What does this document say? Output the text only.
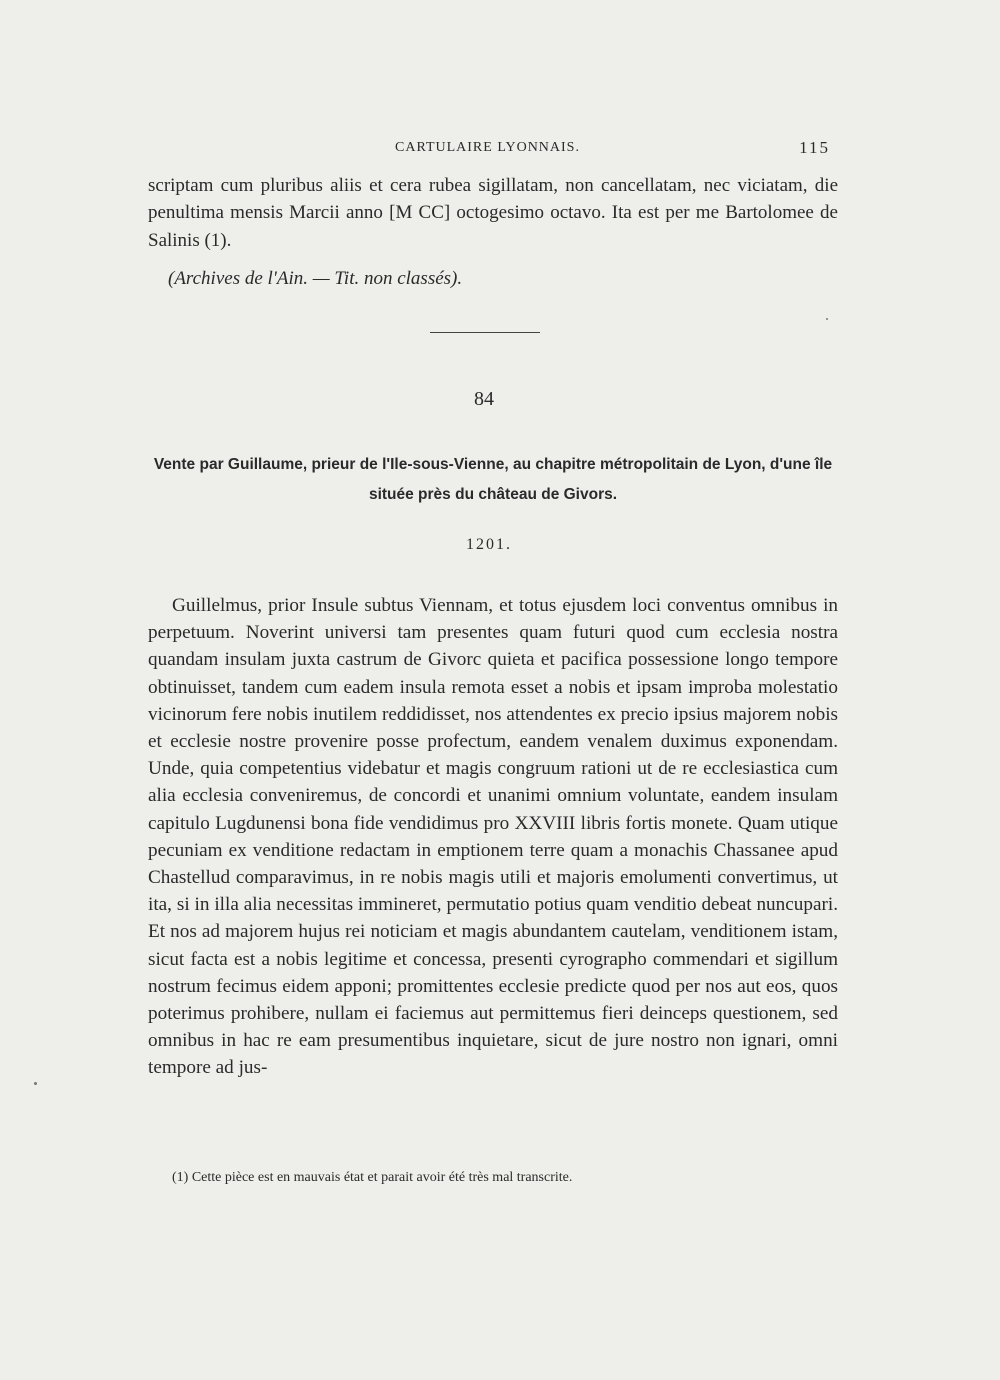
CARTULAIRE LYONNAIS.	115

scriptam cum pluribus aliis et cera rubea sigillatam, non cancellatam, nec viciatam, die penultima mensis Marcii anno [M CC] octogesimo octavo. Ita est per me Bartolomee de Salinis (1).

(Archives de l'Ain. — Tit. non classés).
84
Vente par Guillaume, prieur de l'Ile-sous-Vienne, au chapitre métropolitain de Lyon, d'une île située près du château de Givors.
1201.

Guillelmus, prior Insule subtus Viennam, et totus ejusdem loci conventus omnibus in perpetuum. Noverint universi tam presentes quam futuri quod cum ecclesia nostra quandam insulam juxta castrum de Givorc quieta et pacifica possessione longo tempore obtinuisset, tandem cum eadem insula remota esset a nobis et ipsam improba molestatio vicinorum fere nobis inutilem reddidisset, nos attendentes ex precio ipsius majorem nobis et ecclesie nostre provenire posse profectum, eandem venalem duximus exponendam. Unde, quia competentius videbatur et magis congruum rationi ut de re ecclesiastica cum alia ecclesia conveniremus, de concordi et unanimi omnium voluntate, eandem insulam capitulo Lugdunensi bona fide vendidimus pro XXVIII libris fortis monete. Quam utique pecuniam ex venditione redactam in emptionem terre quam a monachis Chassanee apud Chastellud comparavimus, in re nobis magis utili et majoris emolumenti convertimus, ut ita, si in illa alia necessitas immineret, permutatio potius quam venditio debeat nuncupari. Et nos ad majorem hujus rei noticiam et magis abundantem cautelam, venditionem istam, sicut facta est a nobis legitime et concessa, presenti cyrographo commendari et sigillum nostrum fecimus eidem apponi; promittentes ecclesie predicte quod per nos aut eos, quos poterimus prohibere, nullam ei faciemus aut permittemus fieri deinceps questionem, sed omnibus in hac re eam presumentibus inquietare, sicut de jure nostro non ignari, omni tempore ad jus-

(1) Cette pièce est en mauvais état et parait avoir été très mal transcrite.
